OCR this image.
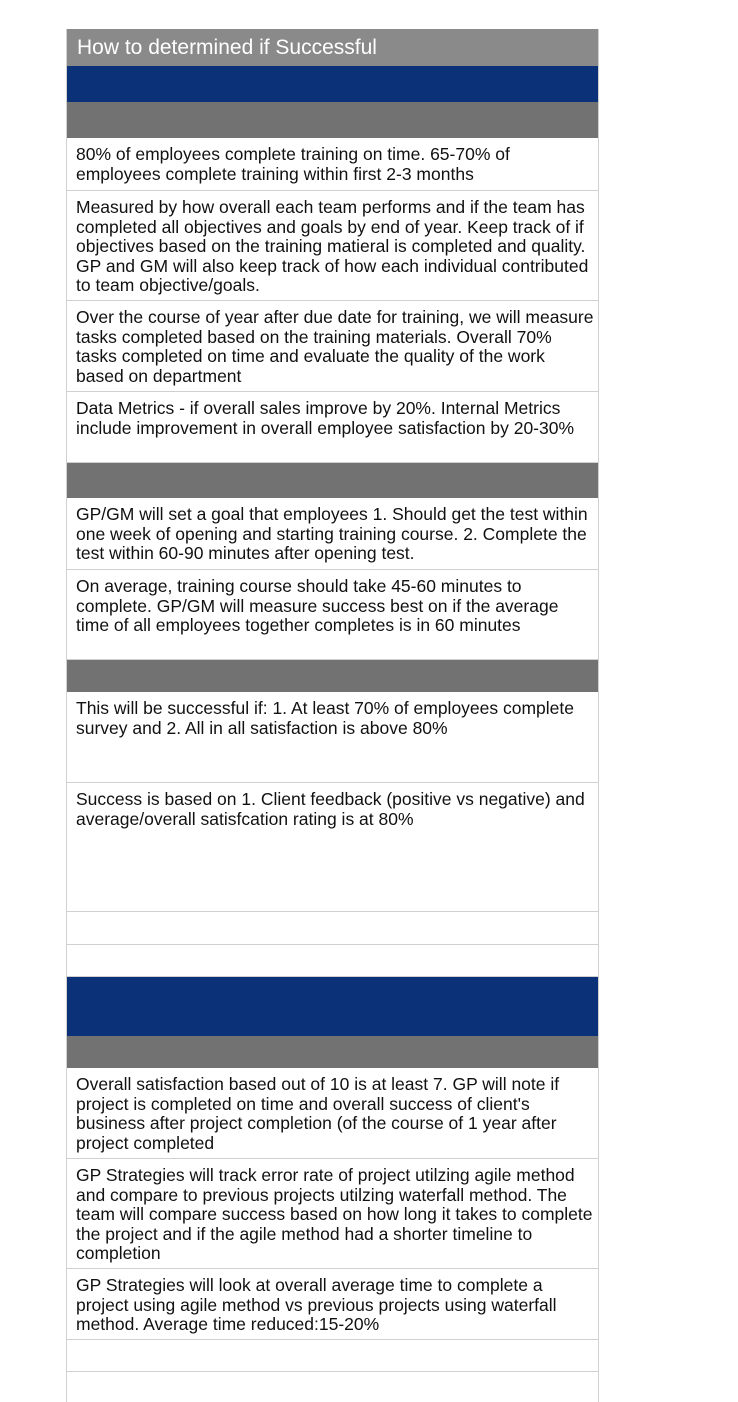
How to determined if Successful
80% of employees complete training on time. 65-70% of employees complete training within first 2-3 months
Measured by how overall each team performs and if the team has completed all objectives and goals by end of year. Keep track of if objectives based on the training matieral is completed and quality. GP and GM will also keep track of how each individual contributed to team objective/goals.
Over the course of year after due date for training, we will measure tasks completed based on the training materials. Overall 70% tasks completed on time and evaluate the quality of the work based on department
Data Metrics - if overall sales improve by 20%. Internal Metrics include improvement in overall employee satisfaction by 20-30%
GP/GM will set a goal that employees 1. Should get the test within one week of opening and starting training course. 2. Complete the test within 60-90 minutes after opening test.
On average, training course should take 45-60 minutes to complete. GP/GM will measure success best on if the average time of all employees together completes is in 60 minutes
This will be successful if: 1. At least 70% of employees complete survey and 2. All in all satisfaction is above 80%
Success is based on 1. Client feedback (positive vs negative) and average/overall satisfcation rating is at 80%
Overall satisfaction based out of 10 is at least 7. GP will note if project is completed on time and overall success of client's business after project completion (of the course of 1 year after project completed
GP Strategies will track error rate of project utilzing agile method and compare to previous projects utilzing waterfall method. The team will compare success based on how long it takes to complete the project and if the agile method had a shorter timeline to completion
GP Strategies will look at overall average time to complete a project using agile method vs previous projects using waterfall method. Average time reduced:15-20%
